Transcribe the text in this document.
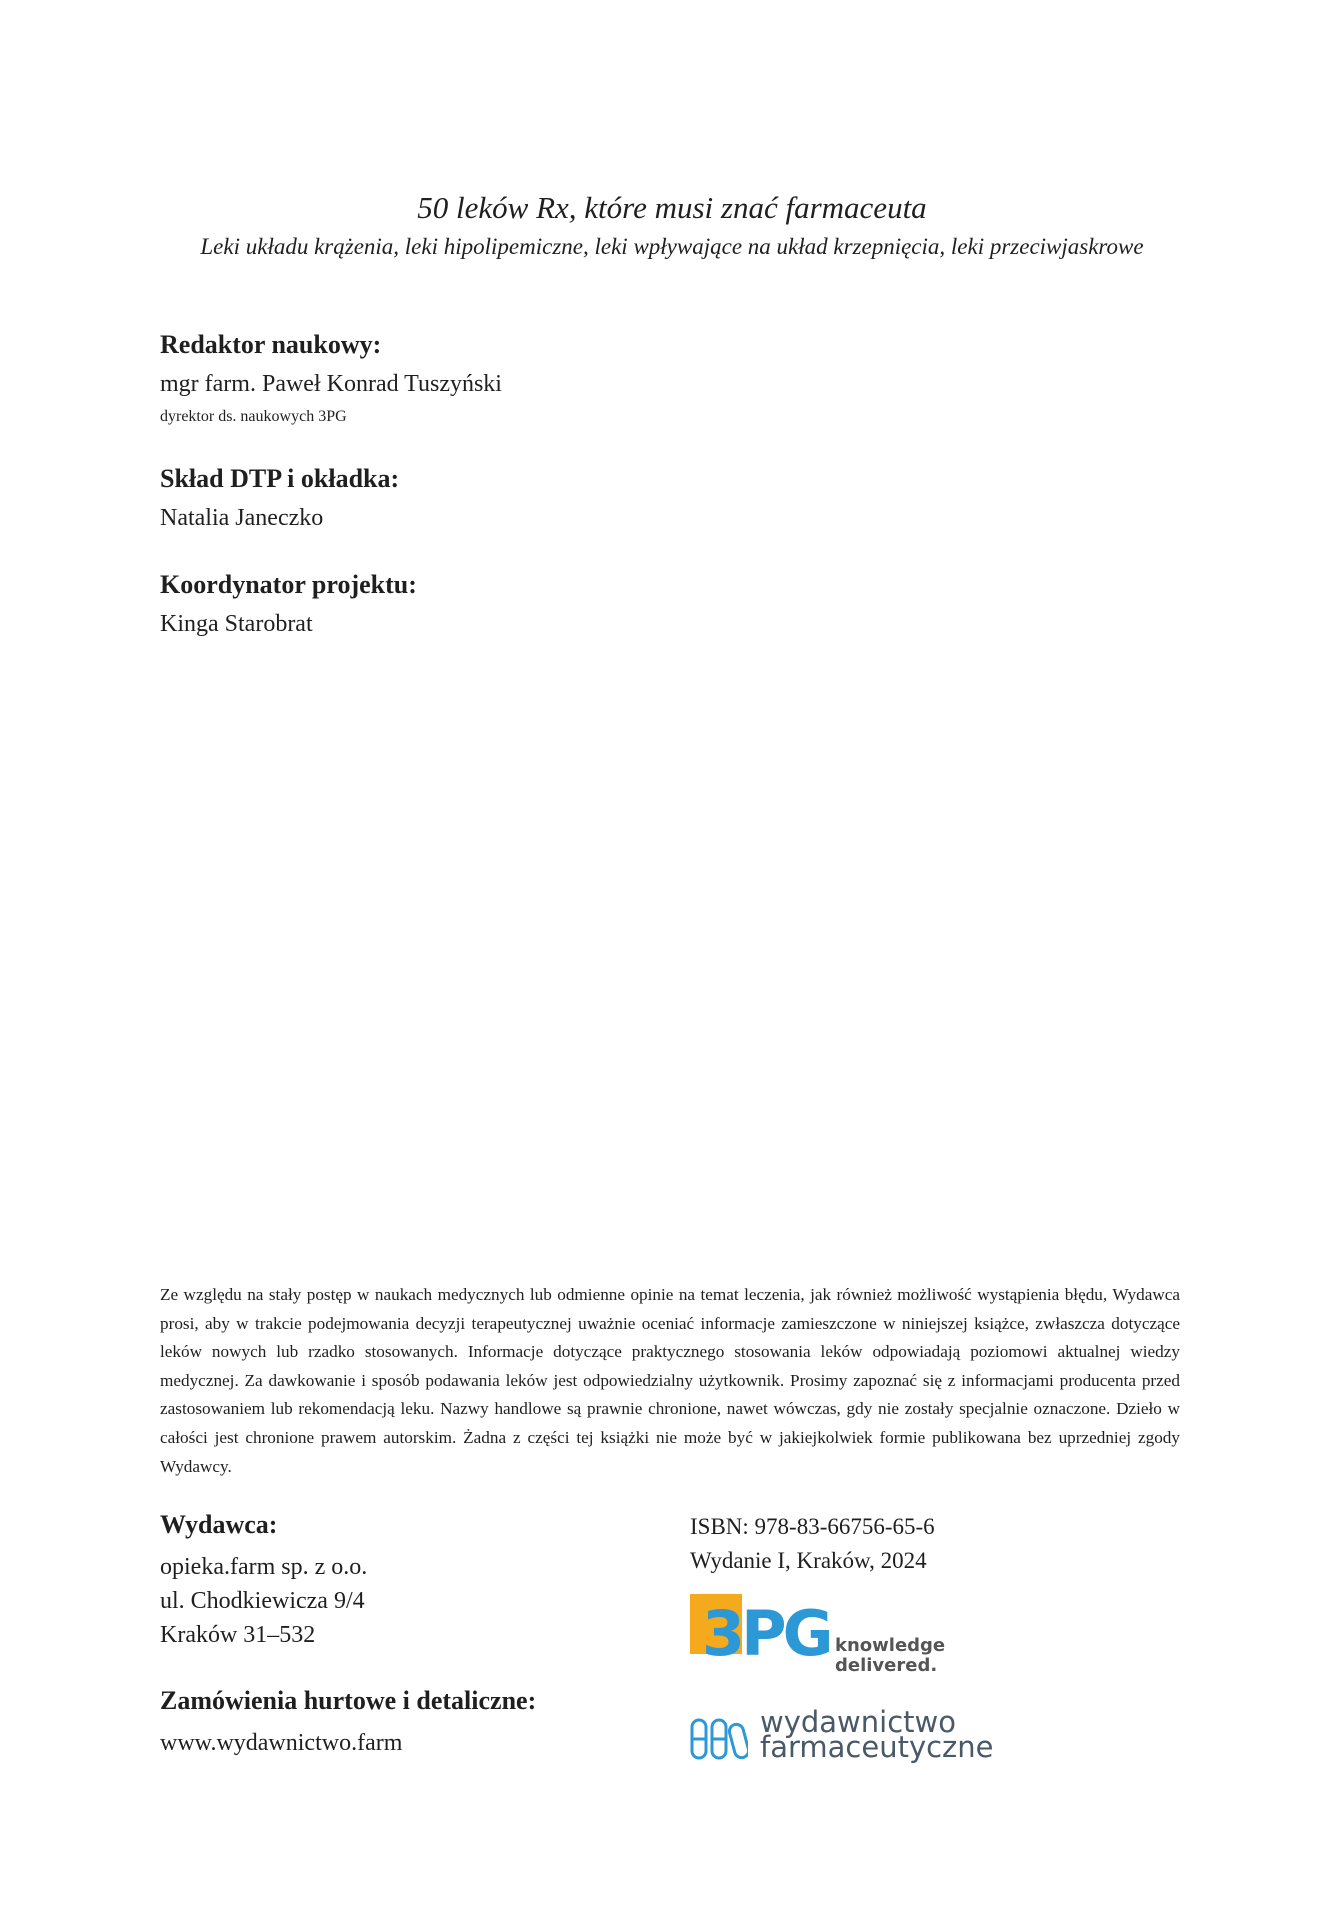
50 leków Rx, które musi znać farmaceuta
Leki układu krążenia, leki hipolipemiczne, leki wpływające na układ krzepnięcia, leki przeciwjaskrowe
Redaktor naukowy:
mgr farm. Paweł Konrad Tuszyński
dyrektor ds. naukowych 3PG
Skład DTP i okładka:
Natalia Janeczko
Koordynator projektu:
Kinga Starobrat
Ze względu na stały postęp w naukach medycznych lub odmienne opinie na temat leczenia, jak również możliwość wystąpienia błędu, Wydawca prosi, aby w trakcie podejmowania decyzji terapeutycznej uważnie oceniać informacje zamieszczone w niniejszej książce, zwłaszcza dotyczące leków nowych lub rzadko stosowanych. Informacje dotyczące praktycznego stosowania leków odpowiadają poziomowi aktualnej wiedzy medycznej. Za dawkowanie i sposób podawania leków jest odpowiedzialny użytkownik. Prosimy zapoznać się z informacjami producenta przed zastosowaniem lub rekomendacją leku. Nazwy handlowe są prawnie chronione, nawet wówczas, gdy nie zostały specjalnie oznaczone. Dzieło w całości jest chronione prawem autorskim. Żadna z części tej książki nie może być w jakiejkolwiek formie publikowana bez uprzedniej zgody Wydawcy.
Wydawca:
opieka.farm sp. z o.o.
ul. Chodkiewicza 9/4
Kraków 31–532
Zamówienia hurtowe i detaliczne:
www.wydawnictwo.farm
ISBN: 978-83-66756-65-6
Wydanie I, Kraków, 2024
3PG knowledge
delivered.
wydawnictwo
farmaceutyczne
